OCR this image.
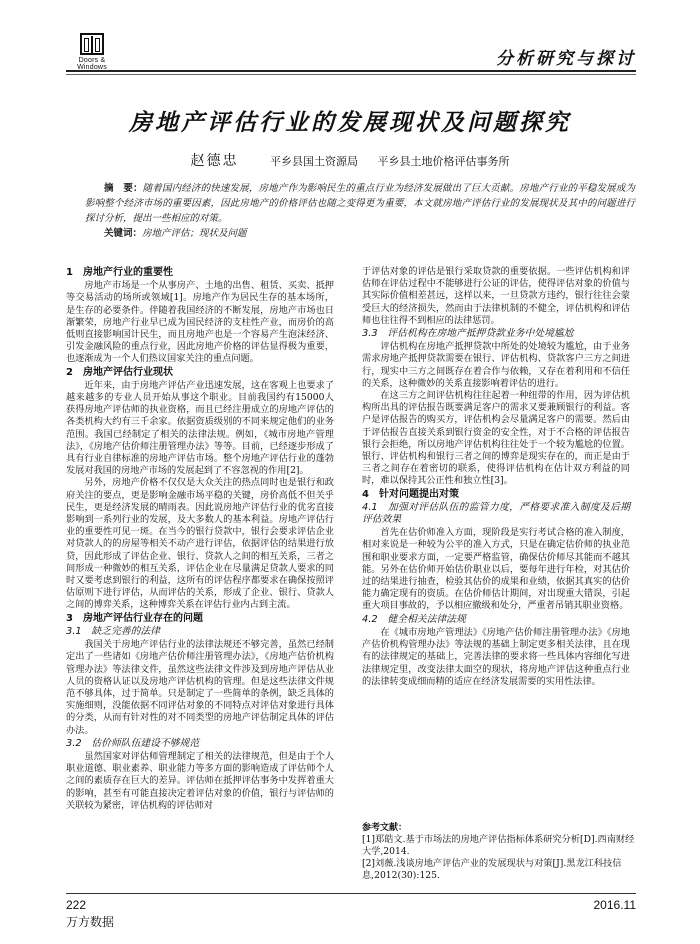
Doors & Windows	分析研究与探讨
房地产评估行业的发展现状及问题探究
赵德忠	平乡县国土资源局 平乡县土地价格评估事务所
摘　要：随着国内经济的快速发展，房地产作为影响民生的重点行业为经济发展做出了巨大贡献。房地产行业的平稳发展成为影响整个经济市场的重要因素，因此房地产的价格评估也随之变得更为重要，本文就房地产评估行业的发展现状及其中的问题进行探讨分析，提出一些相应的对策。
关键词：房地产评估；现状及问题
1　房地产行业的重要性

房地产市场是一个从事房产、土地的出售、租赁、买卖、抵押等交易活动的场所或领域[1]。房地产作为居民生存的基本场所，是生存的必要条件。伴随着我国经济的不断发展，房地产市场也日渐繁荣，房地产行业早已成为国民经济的支柱性产业，而房价的高低则直接影响国计民生，而且房地产也是一个容易产生泡沫经济、引发金融风险的重点行业，因此房地产价格的评估显得极为重要，也逐渐成为一个人们热议国家关注的重点问题。

2　房地产评估行业现状

近年来，由于房地产评估产业迅速发展，这在客观上也要求了越来越多的专业人员开始从事这个职业。目前我国约有15000人获得房地产评估师的执业资格，而且已经注册成立的房地产评估的各类机构大约有三千余家。依据资质级别的不同来规定他们的业务范围。我国已经制定了相关的法律法规。例如，《城市房地产管理法》，《房地产估价师注册管理办法》等等。目前，已经逐步形成了具有行业自律标准的房地产评估市场。整个房地产评估行业的蓬勃发展对我国的房地产市场的发展起到了不容忽视的作用[2]。

另外，房地产价格不仅仅是大众关注的热点同时也是银行和政府关注的要点，更是影响金融市场平稳的关键，房价高低不但关乎民生，更是经济发展的晴雨表。因此说房地产评估行业的优劣直接影响到一系列行业的发展，及大多数人的基本利益。房地产评估行业的重要性可见一斑。在当今的银行贷款中，银行会要求评估企业对贷款人的的房屋等相关不动产进行评估，依据评估的结果进行放贷，因此形成了评估企业、银行、贷款人之间的相互关系，三者之间形成一种微妙的相互关系，评估企业在尽量满足贷款人要求的同时又要考虑到银行的利益，这所有的评估程序都要求在确保按照评估原则下进行评估，从而评估的关系，形成了企业、银行、贷款人之间的博弈关系，这种博弈关系在评估行业内占到主流。

3　房地产评估行业存在的问题
3.1　缺乏完善的法律

我国关于房地产评估行业的法律法规还不够完善，虽然已经制定出了一些诸如《房地产估价师注册管理办法》，《房地产估价机构管理办法》等法律文件，虽然这些法律文件涉及到房地产评估从业人员的资格认证以及房地产评估机构的管理。但是这些法律文件规范不够具体，过于简单。只是制定了一些简单的条例，缺乏具体的实施细则，没能依据不同评估对象的不同特点对评估对象进行具体的分类，从而有针对性的对不同类型的房地产评估制定具体的评估办法。

3.2　估价师队伍建设不够规范

虽然国家对评估师管理制定了相关的法律规范，但是由于个人职业道德、职业素养、职业能力等多方面的影响造成了评估师个人之间的素质存在巨大的差异。评估师在抵押评估事务中发挥着重大的影响，甚至有可能直接决定着评估对象的价值，银行与评估师的关联较为紧密，评估机构的评估师对

于评估对象的评估是银行采取贷款的重要依据。一些评估机构和评估师在评估过程中不能够进行公证的评估，使得评估对象的价值与其实际价值相差甚远，这样以来，一旦贷款方违约，银行往往会蒙受巨大的经济损失，然而由于法律机制的不健全，评估机构和评估师也往往得不到相应的法律惩罚。

3.3　评估机构在房地产抵押贷款业务中处境尴尬

评估机构在房地产抵押贷款中所处的处境较为尴尬，由于业务需求房地产抵押贷款需要在银行、评估机构、贷款客户三方之间进行，现实中三方之间既存在着合作与依赖，又存在着利用和不信任的关系，这种微妙的关系直接影响着评估的进行。

在这三方之间评估机构往往起着一种纽带的作用，因为评估机构所出具的评估报告既要满足客户的需求又要兼顾银行的利益。客户是评估报告的购买方，评估机构会尽量满足客户的需要。然后由于评估报告直接关系到银行资金的安全性，对于不合格的评估报告银行会拒绝，所以房地产评估机构往往处于一个较为尴尬的位置。银行、评估机构和银行三者之间的博弈是现实存在的，而正是由于三者之间存在着密切的联系，使得评估机构在估计双方利益的同时，难以保持其公正性和独立性[3]。

4　针对问题提出对策
4.1　加强对评估队伍的监管力度，严格要求准入制度及后期评估效果

首先在估价师准入方面，现阶段是实行考试合格的准入制度，相对来说是一种较为公平的准入方式，只是在确定估价师的执业范围和职业要求方面，一定要严格监管，确保估价师尽其能而不越其能。另外在估价师开始估价职业以后，要每年进行年检，对其估价过的结果进行抽查，检验其估价的成果和业绩，依据其真实的估价能力确定现有的资质。在估价师估计期间，对出现重大错误，引起重大项目事故的，予以相应撤级和处分，严重者吊销其职业资格。

4.2　健全相关法律法规

在《城市房地产管理法》《房地产估价师注册管理办法》《房地产估价机构管理办法》等法规的基础上制定更多相关法律，且在现有的法律规定的基础上，完善法律的要求将一些具体内容细化写进法律规定里，改变法律太面空的现状，将房地产评估这种重点行业的法律转变成细而精的适应在经济发展需要的实用性法律。

参考文献：
[1]郑皓文.基于市场法的房地产评估指标体系研究分析[D].西南财经大学,2014.
[2]刘薇.浅谈房地产评估产业的发展现状与对策[J].黑龙江科技信息,2012(30):125.
222	2016.11
万方数据
